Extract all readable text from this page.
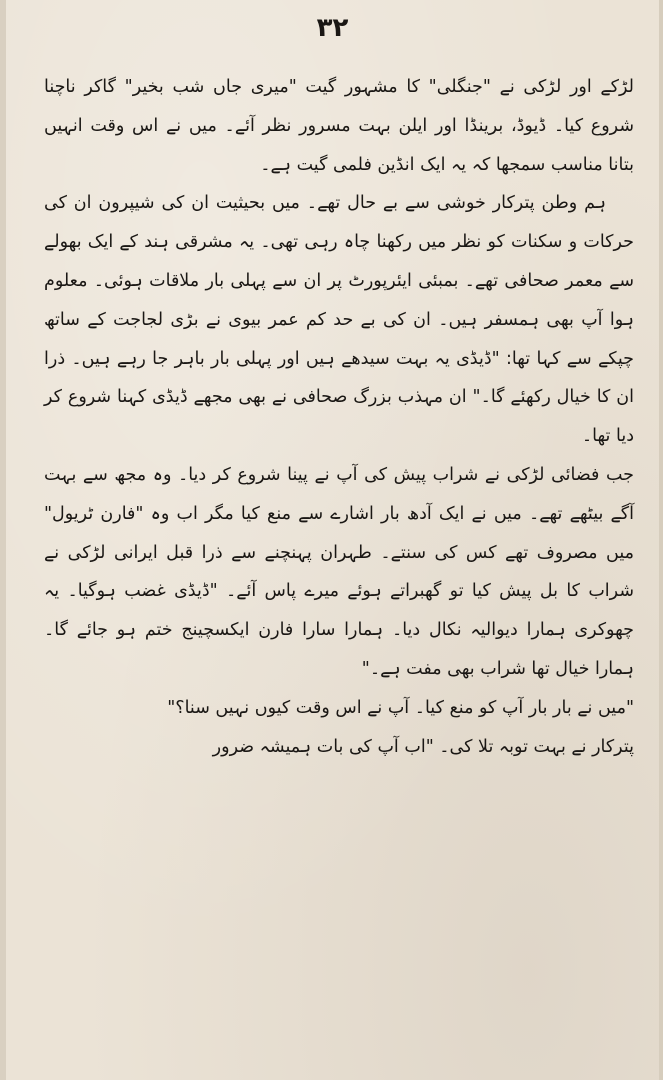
۳۲

لڑکے اور لڑکی نے "جنگلی" کا مشہور گیت "میری جاں شب بخیر" گاکر ناچنا شروع کیا۔ ڈیوڈ، برینڈا اور ایلن بہت مسرور نظر آئے۔ میں نے اس وقت انہیں بتانا مناسب سمجھا کہ یہ ایک انڈین فلمی گیت ہے۔

ہم وطن پترکار خوشی سے بے حال تھے۔ میں بحیثیت ان کی شیپرون ان کی حرکات و سکنات کو نظر میں رکھنا چاہ رہی تھی۔ یہ مشرقی ہند کے ایک بھولے سے معمر صحافی تھے۔ بمبئی ایئرپورٹ پر ان سے پہلی بار ملاقات ہوئی۔ معلوم ہوا آپ بھی ہمسفر ہیں۔ ان کی بے حد کم عمر بیوی نے بڑی لجاجت کے ساتھ چپکے سے کہا تھا: "ڈیڈی یہ بہت سیدھے ہیں اور پہلی بار باہر جا رہے ہیں۔ ذرا ان کا خیال رکھئے گا۔" ان مہذب بزرگ صحافی نے بھی مجھے ڈیڈی کہنا شروع کر دیا تھا۔

جب فضائی لڑکی نے شراب پیش کی آپ نے پینا شروع کر دیا۔ وہ مجھ سے بہت آگے بیٹھے تھے۔ میں نے ایک آدھ بار اشارے سے منع کیا مگر اب وہ "فارن ٹریول" میں مصروف تھے کس کی سنتے۔ طہران پہنچنے سے ذرا قبل ایرانی لڑکی نے شراب کا بل پیش کیا تو گھبراتے ہوئے میرے پاس آئے۔ "ڈیڈی غضب ہوگیا۔ یہ چھوکری ہمارا دیوالیہ نکال دیا۔ ہمارا سارا فارن ایکسچینج ختم ہو جائے گا۔ ہمارا خیال تھا شراب بھی مفت ہے۔"

"میں نے بار بار آپ کو منع کیا۔ آپ نے اس وقت کیوں نہیں سنا؟"

پترکار نے بہت توبہ تلا کی۔ "اب آپ کی بات ہمیشہ ضرور
